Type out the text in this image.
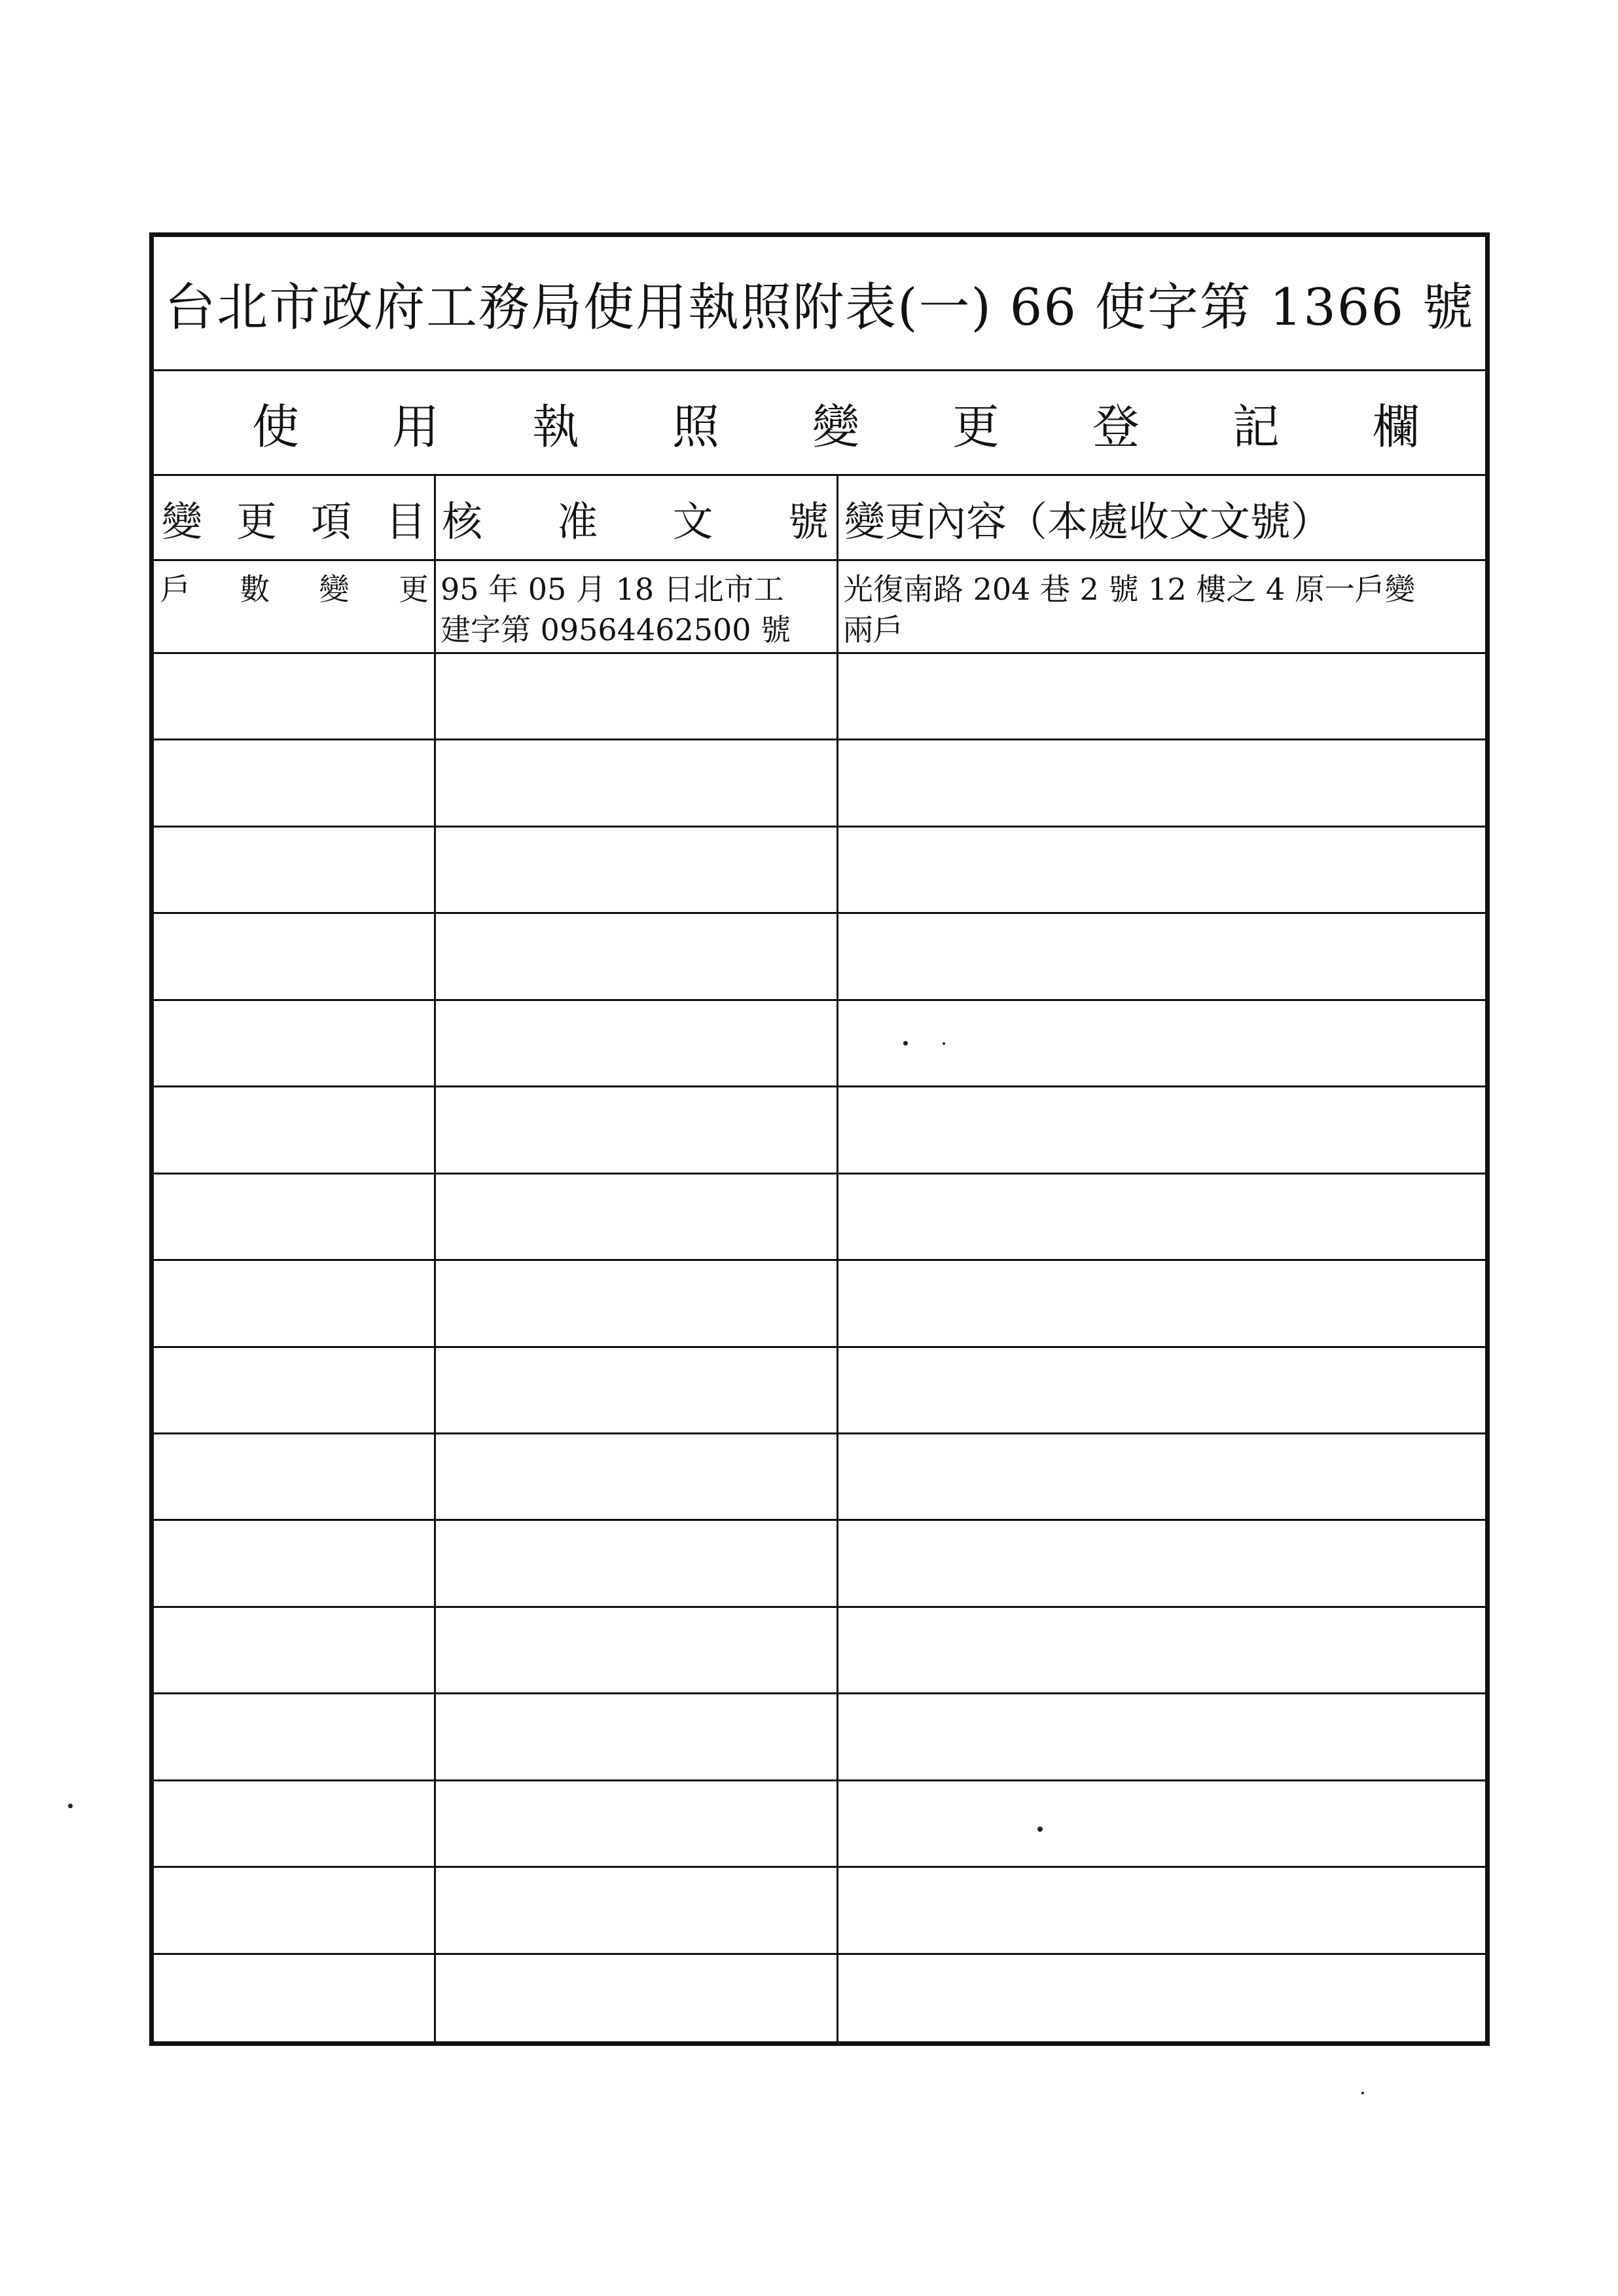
台北市政府工務局使用執照附表(一) 66 使字第 1366 號
使 用 執 照 變 更 登 記 欄
變 更 項 目 核 准 文 號 變更內容（本處收文文號）
戶 數 變 更 95 年 05 月 18 日北市工
建字第 09564462500 號
光復南路 204 巷 2 號 12 樓之 4 原一戶變
兩戶
